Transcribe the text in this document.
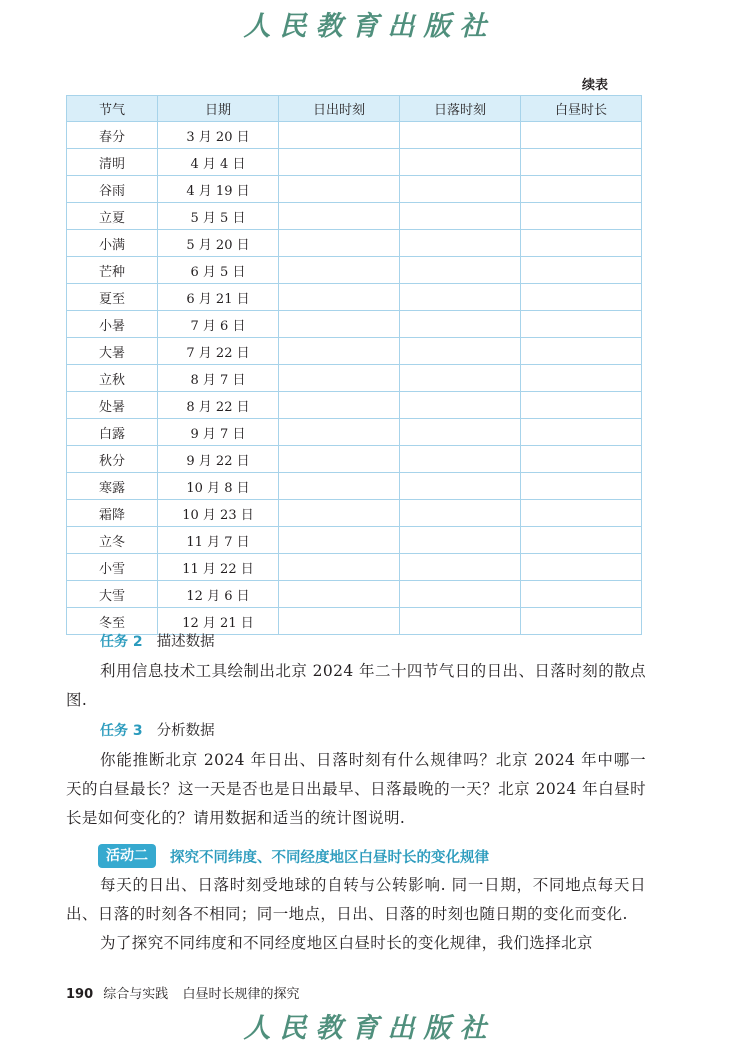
人民教育出版社
续表
节气	日期	日出时刻	日落时刻	白昼时长
春分	3 月 20 日			
清明	4 月 4 日			
谷雨	4 月 19 日			
立夏	5 月 5 日			
小满	5 月 20 日			
芒种	6 月 5 日			
夏至	6 月 21 日			
小暑	7 月 6 日			
大暑	7 月 22 日			
立秋	8 月 7 日			
处暑	8 月 22 日			
白露	9 月 7 日			
秋分	9 月 22 日			
寒露	10 月 8 日			
霜降	10 月 23 日			
立冬	11 月 7 日			
小雪	11 月 22 日			
大雪	12 月 6 日			
冬至	12 月 21 日			
任务 2 描述数据

利用信息技术工具绘制出北京 2024 年二十四节气日的日出、日落时刻的散点图.

任务 3 分析数据

你能推断北京 2024 年日出、日落时刻有什么规律吗？北京 2024 年中哪一天的白昼最长？这一天是否也是日出最早、日落最晚的一天？北京 2024 年白昼时长是如何变化的？请用数据和适当的统计图说明.

活动二	探究不同纬度、不同经度地区白昼时长的变化规律

每天的日出、日落时刻受地球的自转与公转影响. 同一日期，不同地点每天日出、日落的时刻各不相同；同一地点，日出、日落的时刻也随日期的变化而变化.

为了探究不同纬度和不同经度地区白昼时长的变化规律，我们选择北京

190 综合与实践 白昼时长规律的探究
人民教育出版社
